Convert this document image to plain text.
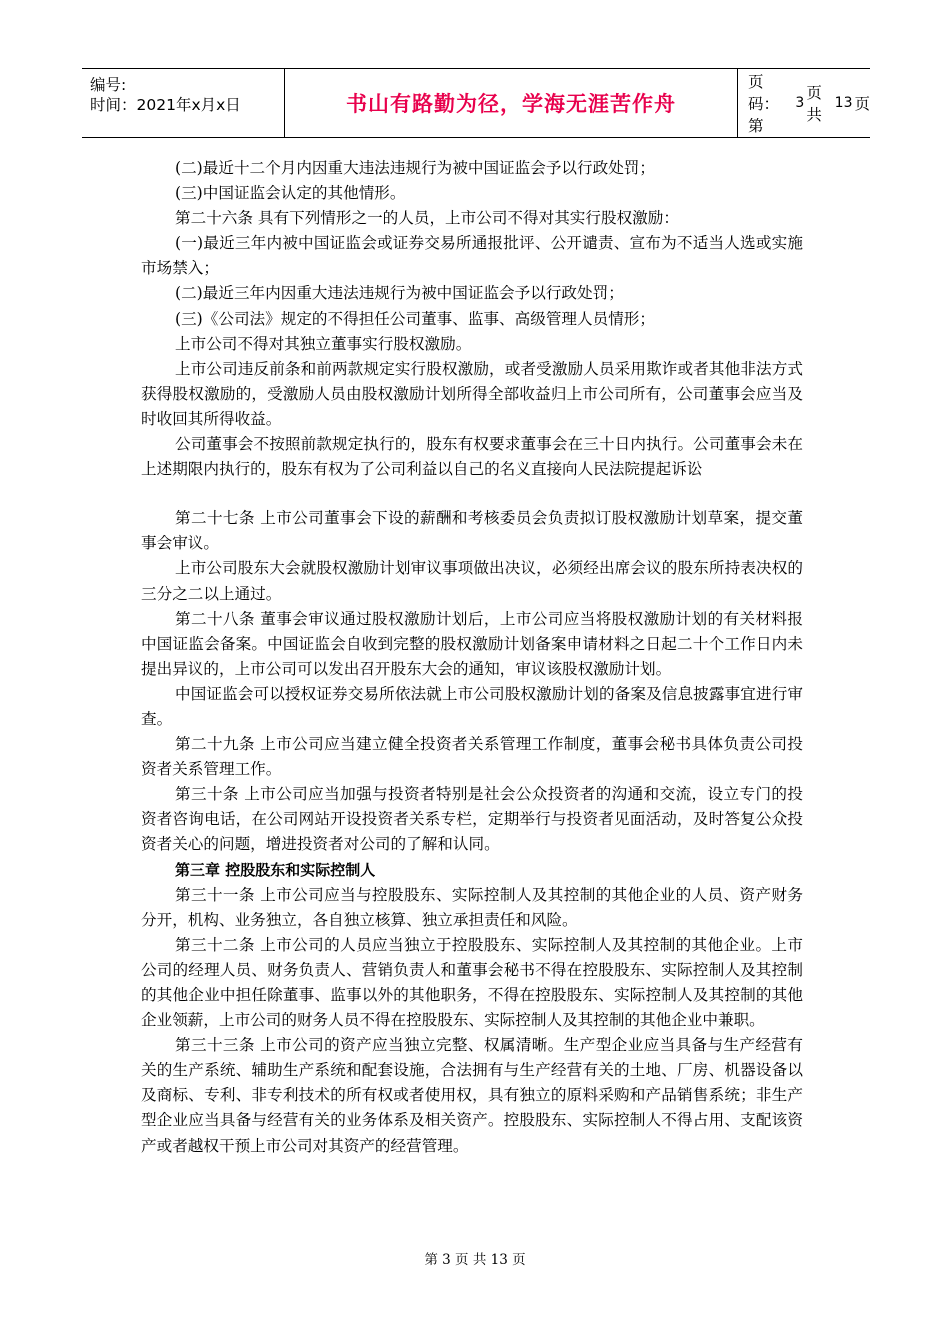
编号:
时间：2021年x月x日	书山有路勤为径，学海无涯苦作舟
页码：第
3
页 共
13 页

(二)最近十二个月内因重大违法违规行为被中国证监会予以行政处罚；

(三)中国证监会认定的其他情形。

第二十六条 具有下列情形之一的人员，上市公司不得对其实行股权激励：

(一)最近三年内被中国证监会或证券交易所通报批评、公开谴责、宣布为不适当人选或实施市场禁入；

(二)最近三年内因重大违法违规行为被中国证监会予以行政处罚；

(三)《公司法》规定的不得担任公司董事、监事、高级管理人员情形；

上市公司不得对其独立董事实行股权激励。

上市公司违反前条和前两款规定实行股权激励，或者受激励人员采用欺诈或者其他非法方式获得股权激励的，受激励人员由股权激励计划所得全部收益归上市公司所有，公司董事会应当及时收回其所得收益。

公司董事会不按照前款规定执行的，股东有权要求董事会在三十日内执行。公司董事会未在上述期限内执行的，股东有权为了公司利益以自己的名义直接向人民法院提起诉讼

第二十七条 上市公司董事会下设的薪酬和考核委员会负责拟订股权激励计划草案，提交董事会审议。

上市公司股东大会就股权激励计划审议事项做出决议，必须经出席会议的股东所持表决权的三分之二以上通过。

第二十八条 董事会审议通过股权激励计划后，上市公司应当将股权激励计划的有关材料报中国证监会备案。中国证监会自收到完整的股权激励计划备案申请材料之日起二十个工作日内未提出异议的，上市公司可以发出召开股东大会的通知，审议该股权激励计划。

中国证监会可以授权证券交易所依法就上市公司股权激励计划的备案及信息披露事宜进行审查。

第二十九条 上市公司应当建立健全投资者关系管理工作制度，董事会秘书具体负责公司投资者关系管理工作。

第三十条 上市公司应当加强与投资者特别是社会公众投资者的沟通和交流，设立专门的投资者咨询电话，在公司网站开设投资者关系专栏，定期举行与投资者见面活动，及时答复公众投资者关心的问题，增进投资者对公司的了解和认同。

第三章 控股股东和实际控制人

第三十一条 上市公司应当与控股股东、实际控制人及其控制的其他企业的人员、资产财务分开，机构、业务独立，各自独立核算、独立承担责任和风险。

第三十二条 上市公司的人员应当独立于控股股东、实际控制人及其控制的其他企业。上市公司的经理人员、财务负责人、营销负责人和董事会秘书不得在控股股东、实际控制人及其控制的其他企业中担任除董事、监事以外的其他职务，不得在控股股东、实际控制人及其控制的其他企业领薪，上市公司的财务人员不得在控股股东、实际控制人及其控制的其他企业中兼职。

第三十三条 上市公司的资产应当独立完整、权属清晰。生产型企业应当具备与生产经营有关的生产系统、辅助生产系统和配套设施，合法拥有与生产经营有关的土地、厂房、机器设备以及商标、专利、非专利技术的所有权或者使用权，具有独立的原料采购和产品销售系统；非生产型企业应当具备与经营有关的业务体系及相关资产。控股股东、实际控制人不得占用、支配该资产或者越权干预上市公司对其资产的经营管理。

第 3 页 共 13 页
